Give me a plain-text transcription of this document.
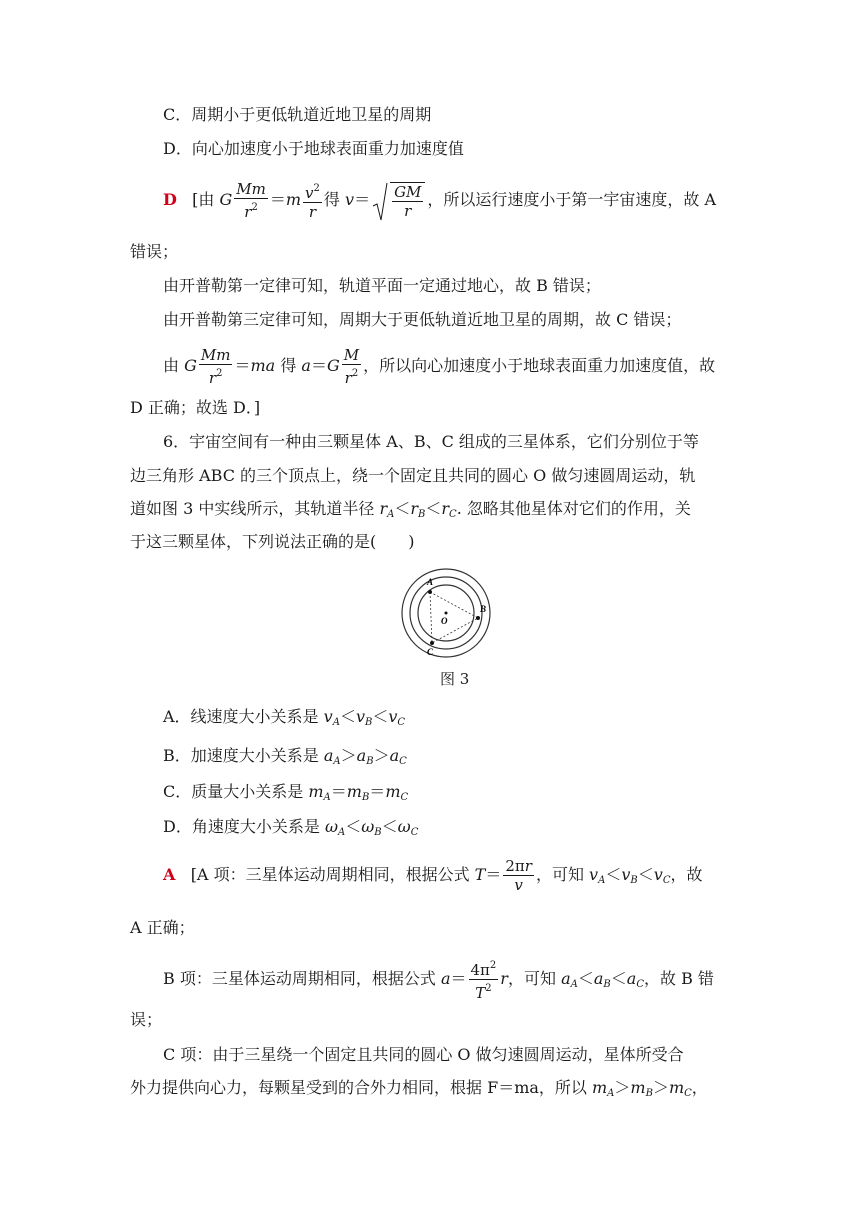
C．周期小于更低轨道近地卫星的周期
D．向心加速度小于地球表面重力加速度值
D [由 G $\frac{Mm}{r^2} =m \frac{v^2}{r}$ 得 $v= \frac{GM}{r}$ ，所以运行速度小于第一宇宙速度，故 A
错误；
由开普勒第一定律可知，轨道平面一定通过地心，故 B 错误；
由开普勒第三定律可知，周期大于更低轨道近地卫星的周期，故 C 错误；
由 G $\frac{Mm}{r^2} =ma$ 得 $a=G \frac{M}{r^2}$ ，所以向心加速度小于地球表面重力加速度值，故
D 正确；故选 D．]
6．宇宙空间有一种由三颗星体 A、B、C 组成的三星体系，它们分别位于等
边三角形 ABC 的三个顶点上，绕一个固定且共同的圆心 O 做匀速圆周运动，轨
道如图 3 中实线所示，其轨道半径 $r_A<r_B<r_C$. 忽略其他星体对它们的作用，关
于这三颗星体，下列说法正确的是(　　)
A
B
C
O
图 3
A．线速度大小关系是 $v_A<v_B<v_C$
B．加速度大小关系是 $a_A>a_B>a_C$
C．质量大小关系是 $m_A=m_B=m_C$
D．角速度大小关系是 $\omega_A<\omega_B<\omega_C$
A [A 项：三星体运动周期相同，根据公式 $T= \frac{2\pi r}{v}$ ，可知 $v_A<v_B<v_C$，故
A 正确；
B 项：三星体运动周期相同，根据公式 $a= \frac{4\pi^2}{T^2}$ r，可知 $a_A<a_B<a_C$，故 B 错
误；
C 项：由于三星绕一个固定且共同的圆心 O 做匀速圆周运动，星体所受合
外力提供向心力，每颗星受到的合外力相同，根据 F＝ma，所以 $m_A>m_B>m_C$，
